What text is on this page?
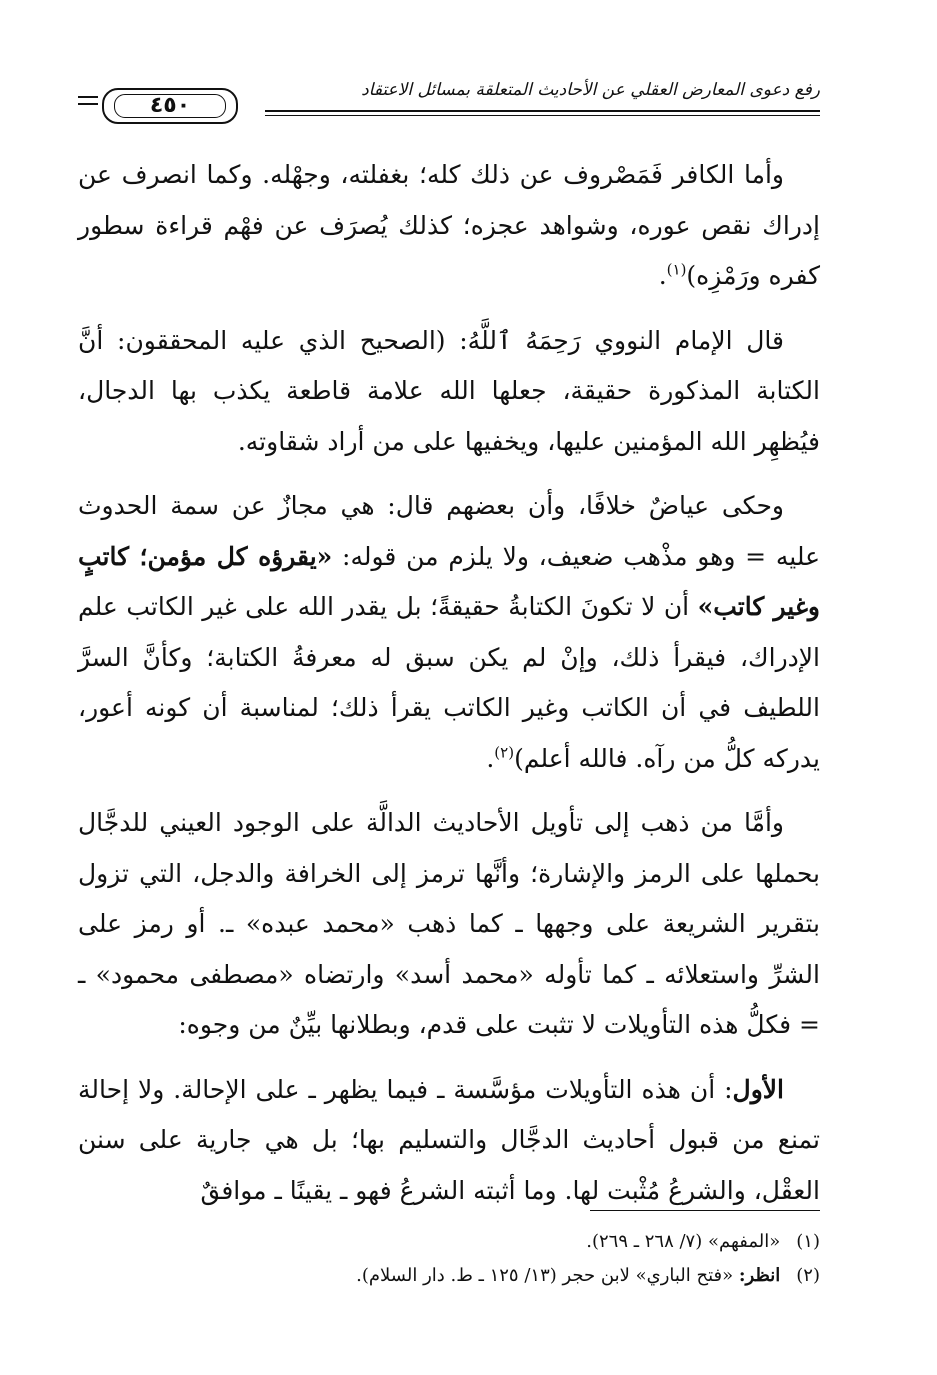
رفع دعوى المعارض العقلي عن الأحاديث المتعلقة بمسائل الاعتقاد
٤٥٠

وأما الكافر فَمَصْروف عن ذلك كله؛ بغفلته، وجهْله. وكما انصرف عن إدراك نقص عوره، وشواهد عجزه؛ كذلك يُصرَف عن فهْم قراءة سطور كفره ورَمْزِه)$^{(١)}$.

قال الإمام النووي رَحِمَهُ ٱللَّهُ: (الصحيح الذي عليه المحققون: أنَّ الكتابة المذكورة حقيقة، جعلها الله علامة قاطعة يكذب بها الدجال، فيُظهِر الله المؤمنين عليها، ويخفيها على من أراد شقاوته.

وحكى عياضٌ خلافًا، وأن بعضهم قال: هي مجازٌ عن سمة الحدوث عليه = وهو مذْهب ضعيف، ولا يلزم من قوله: «يقرؤه كل مؤمن؛ كاتبٍ وغير كاتب» أن لا تكونَ الكتابةُ حقيقةً؛ بل يقدر الله على غير الكاتب علم الإدراك، فيقرأ ذلك، وإنْ لم يكن سبق له معرفةُ الكتابة؛ وكأنَّ السرَّ اللطيف في أن الكاتب وغير الكاتب يقرأ ذلك؛ لمناسبة أن كونه أعور، يدركه كلُّ من رآه. فالله أعلم)$^{(٢)}$.

وأمَّا من ذهب إلى تأويل الأحاديث الدالَّة على الوجود العيني للدجَّال بحملها على الرمز والإشارة؛ وأنَّها ترمز إلى الخرافة والدجل، التي تزول بتقرير الشريعة على وجهها ـ كما ذهب «محمد عبده» ـ. أو رمز على الشرِّ واستعلائه ـ كما تأوله «محمد أسد» وارتضاه «مصطفى محمود» ـ = فكلُّ هذه التأويلات لا تثبت على قدم، وبطلانها بيِّنٌ من وجوه:

الأول: أن هذه التأويلات مؤسَّسة ـ فيما يظهر ـ على الإحالة. ولا إحالة تمنع من قبول أحاديث الدجَّال والتسليم بها؛ بل هي جارية على سنن العقْل، والشرعُ مُثْبت لها. وما أثبته الشرعُ فهو ـ يقينًا ـ موافقٌ

(١)«المفهم» (٧/ ٢٦٨ ـ ٢٦٩).
(٢)انظر: «فتح الباري» لابن حجر (١٣/ ١٢٥ ـ ط. دار السلام).
